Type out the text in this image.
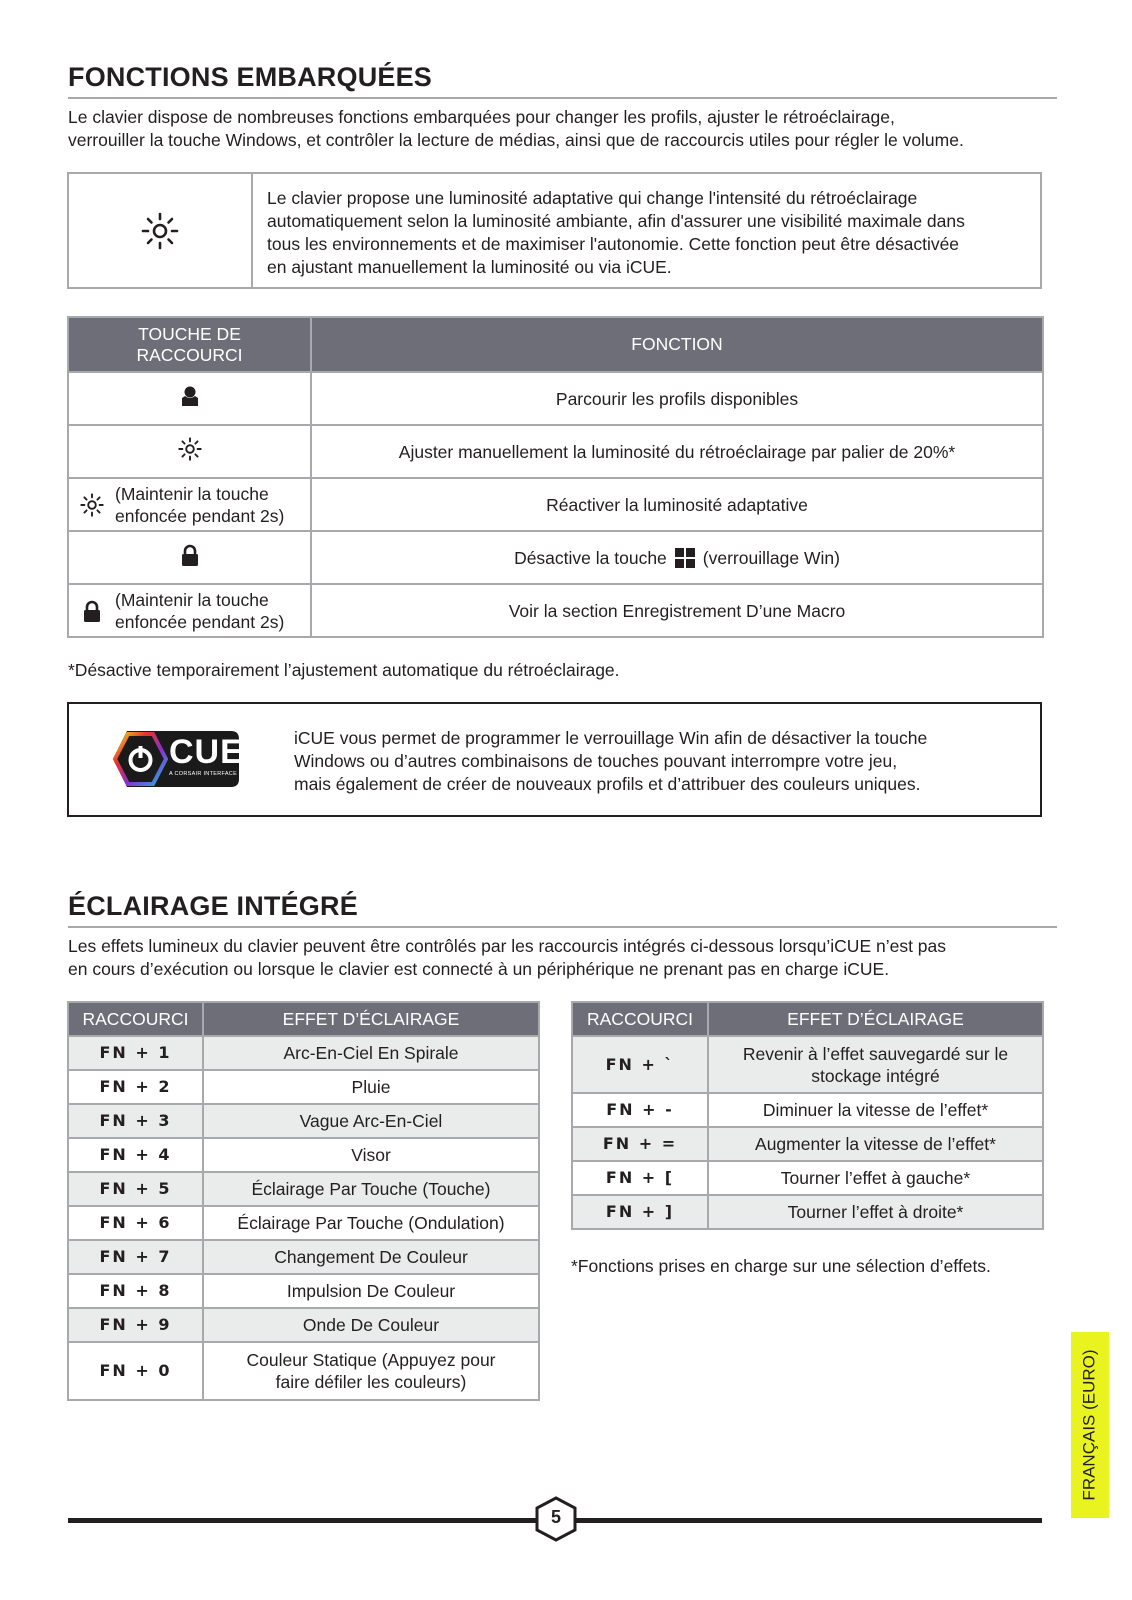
FONCTIONS EMBARQUÉES
Le clavier dispose de nombreuses fonctions embarquées pour changer les profils, ajuster le rétroéclairage,
verrouiller la touche Windows, et contrôler la lecture de médias, ainsi que de raccourcis utiles pour régler le volume.
Le clavier propose une luminosité adaptative qui change l'intensité du rétroéclairage
automatiquement selon la luminosité ambiante, afin d'assurer une visibilité maximale dans
tous les environnements et de maximiser l'autonomie. Cette fonction peut être désactivée
en ajustant manuellement la luminosité ou via iCUE.
TOUCHE DE
RACCOURCI	FONCTION
	Parcourir les profils disponibles
	Ajuster manuellement la luminosité du rétroéclairage par palier de 20%*

(Maintenir la touche
enfoncée pendant 2s)	Réactiver la luminosité adaptative
	Désactive la touche (verrouillage Win)

(Maintenir la touche
enfoncée pendant 2s)	Voir la section Enregistrement D’une Macro

*Désactive temporairement l’ajustement automatique du rétroéclairage.

CUE
A CORSAIR INTERFACE
iCUE vous permet de programmer le verrouillage Win afin de désactiver la touche
Windows ou d’autres combinaisons de touches pouvant interrompre votre jeu,
mais également de créer de nouveaux profils et d’attribuer des couleurs uniques.
ÉCLAIRAGE INTÉGRÉ
Les effets lumineux du clavier peuvent être contrôlés par les raccourcis intégrés ci-dessous lorsqu’iCUE n’est pas
en cours d’exécution ou lorsque le clavier est connecté à un périphérique ne prenant pas en charge iCUE.
RACCOURCI	EFFET D’ÉCLAIRAGE
FN + 1	Arc-En-Ciel En Spirale
FN + 2	Pluie
FN + 3	Vague Arc-En-Ciel
FN + 4	Visor
FN + 5	Éclairage Par Touche (Touche)
FN + 6	Éclairage Par Touche (Ondulation)
FN + 7	Changement De Couleur
FN + 8	Impulsion De Couleur
FN + 9	Onde De Couleur
FN + 0	Couleur Statique (Appuyez pour
faire défiler les couleurs)
RACCOURCI	EFFET D’ÉCLAIRAGE
FN + `	Revenir à l’effet sauvegardé sur le
stockage intégré

FN + -	Diminuer la vitesse de l’effet*
FN + =	Augmenter la vitesse de l’effet*
FN + [	Tourner l’effet à gauche*
FN + ]	Tourner l’effet à droite*

*Fonctions prises en charge sur une sélection d’effets.

FRANÇAIS (EURO)
5
